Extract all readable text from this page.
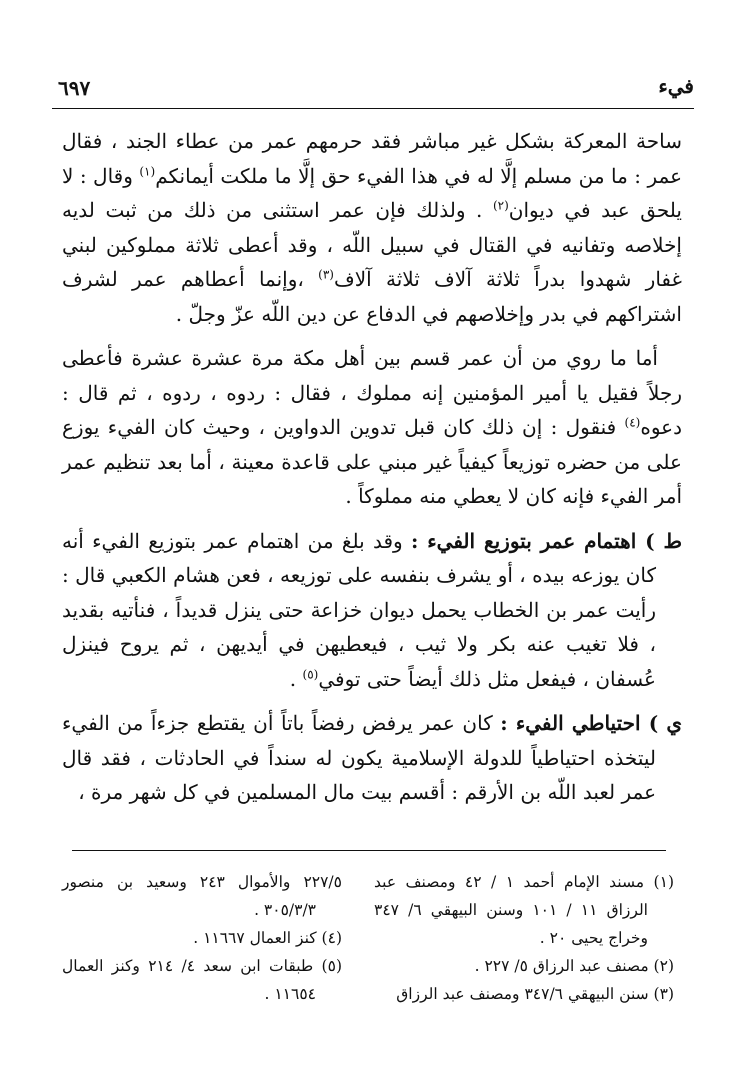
٦٩٧	فيء

ساحة المعركة بشكل غير مباشر فقد حرمهم عمر من عطاء الجند ، فقال عمر : ما من مسلم إلَّا له في هذا الفيء حق إلَّا ما ملكت أيمانكم$^{(١)}$ وقال : لا يلحق عبد في ديوان$^{(٢)}$ . ولذلك فإن عمر استثنى من ذلك من ثبت لديه إخلاصه وتفانيه في القتال في سبيل اللّه ، وقد أعطى ثلاثة مملوكين لبني غفار شهدوا بدراً ثلاثة آلاف ثلاثة آلاف$^{(٣)}$ ،وإنما أعطاهم عمر لشرف اشتراكهم في بدر وإخلاصهم في الدفاع عن دين اللّه عزّ وجلّ .

أما ما روي من أن عمر قسم بين أهل مكة مرة عشرة عشرة فأعطى رجلاً فقيل يا أمير المؤمنين إنه مملوك ، فقال : ردوه ، ردوه ، ثم قال : دعوه$^{(٤)}$ فنقول : إن ذلك كان قبل تدوين الدواوين ، وحيث كان الفيء يوزع على من حضره توزيعاً كيفياً غير مبني على قاعدة معينة ، أما بعد تنظيم عمر أمر الفيء فإنه كان لا يعطي منه مملوكاً .

ط ) اهتمام عمر بتوزيع الفيء : وقد بلغ من اهتمام عمر بتوزيع الفيء أنه كان يوزعه بيده ، أو يشرف بنفسه على توزيعه ، فعن هشام الكعبي قال : رأيت عمر بن الخطاب يحمل ديوان خزاعة حتى ينزل قديداً ، فنأتيه بقديد ، فلا تغيب عنه بكر ولا ثيب ، فيعطيهن في أيديهن ، ثم يروح فينزل عُسفان ، فيفعل مثل ذلك أيضاً حتى توفي$^{(٥)}$ .

ي ) احتياطي الفيء : كان عمر يرفض رفضاً باتاً أن يقتطع جزءاً من الفيء ليتخذه احتياطياً للدولة الإسلامية يكون له سنداً في الحادثات ، فقد قال عمر لعبد اللّه بن الأرقم : أقسم بيت مال المسلمين في كل شهر مرة ،

(١) مسند الإمام أحمد ١ / ٤٢ ومصنف عبد الرزاق ١١ / ١٠١ وسنن البيهقي ٦/ ٣٤٧ وخراج يحيى ٢٠ .

(٢) مصنف عبد الرزاق ٥/ ٢٢٧ .

(٣) سنن البيهقي ٣٤٧/٦ ومصنف عبد الرزاق

٢٢٧/٥ والأموال ٢٤٣ وسعيد بن منصور ٣٠٥/٣/٣ .

(٤) كنز العمال ١١٦٦٧ .

(٥) طبقات ابن سعد ٤/ ٢١٤ وكنز العمال ١١٦٥٤ .
